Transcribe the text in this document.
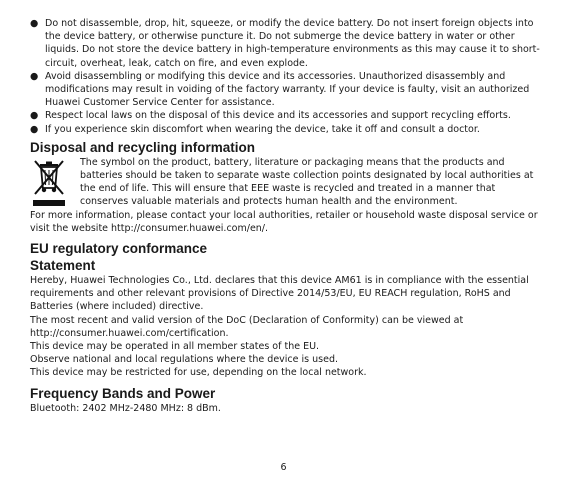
● Do not disassemble, drop, hit, squeeze, or modify the device battery. Do not insert foreign objects into the device battery, or otherwise puncture it. Do not submerge the device battery in water or other liquids. Do not store the device battery in high-temperature environments as this may cause it to short-circuit, overheat, leak, catch on fire, and even explode.
● Avoid disassembling or modifying this device and its accessories. Unauthorized disassembly and modifications may result in voiding of the factory warranty. If your device is faulty, visit an authorized Huawei Customer Service Center for assistance.
● Respect local laws on the disposal of this device and its accessories and support recycling efforts.
● If you experience skin discomfort when wearing the device, take it off and consult a doctor.
Disposal and recycling information

The symbol on the product, battery, literature or packaging means that the products and batteries should be taken to separate waste collection points designated by local authorities at the end of life. This will ensure that EEE waste is recycled and treated in a manner that conserves valuable materials and protects human health and the environment.

For more information, please contact your local authorities, retailer or household waste disposal service or visit the website http://consumer.huawei.com/en/.

EU regulatory conformance
Statement

Hereby, Huawei Technologies Co., Ltd. declares that this device AM61 is in compliance with the essential requirements and other relevant provisions of Directive 2014/53/EU, EU REACH regulation, RoHS and Batteries (where included) directive.

The most recent and valid version of the DoC (Declaration of Conformity) can be viewed at

http://consumer.huawei.com/certification.

This device may be operated in all member states of the EU.

Observe national and local regulations where the device is used.

This device may be restricted for use, depending on the local network.

Frequency Bands and Power

Bluetooth: 2402 MHz-2480 MHz: 8 dBm.

6
